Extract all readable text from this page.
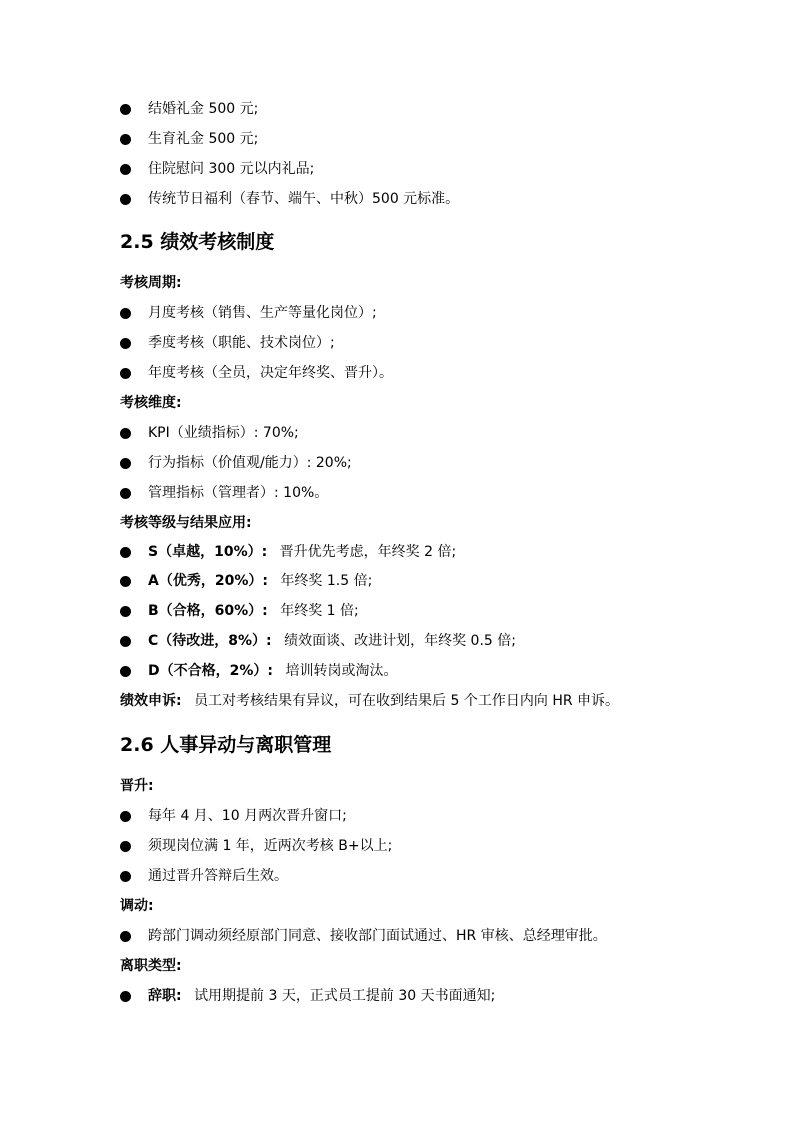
结婚礼金 500 元;
生育礼金 500 元;
住院慰问 300 元以内礼品;
传统节日福利（春节、端午、中秋）500 元标准。
2.5 绩效考核制度
考核周期:
月度考核（销售、生产等量化岗位）;
季度考核（职能、技术岗位）;
年度考核（全员，决定年终奖、晋升）。
考核维度:
KPI（业绩指标）: 70%;
行为指标（价值观/能力）: 20%;
管理指标（管理者）: 10%。
考核等级与结果应用:
S（卓越，10%）: 晋升优先考虑，年终奖 2 倍;
A（优秀，20%）: 年终奖 1.5 倍;
B（合格，60%）: 年终奖 1 倍;
C（待改进，8%）: 绩效面谈、改进计划，年终奖 0.5 倍;
D（不合格，2%）: 培训转岗或淘汰。
绩效申诉: 员工对考核结果有异议，可在收到结果后 5 个工作日内向 HR 申诉。
2.6 人事异动与离职管理
晋升:
每年 4 月、10 月两次晋升窗口;
须现岗位满 1 年，近两次考核 B+以上;
通过晋升答辩后生效。
调动:
跨部门调动须经原部门同意、接收部门面试通过、HR 审核、总经理审批。
离职类型:
辞职: 试用期提前 3 天，正式员工提前 30 天书面通知;
